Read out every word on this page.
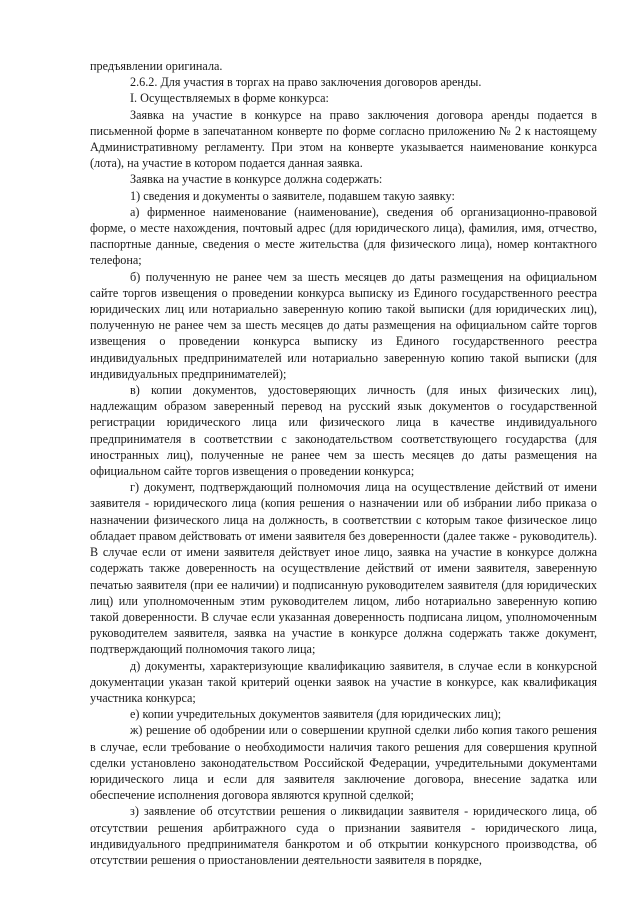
предъявлении оригинала.

2.6.2. Для участия в торгах на право заключения договоров аренды.

I. Осуществляемых в форме конкурса:

Заявка на участие в конкурсе на право заключения договора аренды подается в письменной форме в запечатанном конверте по форме согласно приложению № 2 к настоящему Административному регламенту. При этом на конверте указывается наименование конкурса (лота), на участие в котором подается данная заявка.

Заявка на участие в конкурсе должна содержать:

1) сведения и документы о заявителе, подавшем такую заявку:

а) фирменное наименование (наименование), сведения об организационно-правовой форме, о месте нахождения, почтовый адрес (для юридического лица), фамилия, имя, отчество, паспортные данные, сведения о месте жительства (для физического лица), номер контактного телефона;

б) полученную не ранее чем за шесть месяцев до даты размещения на официальном сайте торгов извещения о проведении конкурса выписку из Единого государственного реестра юридических лиц или нотариально заверенную копию такой выписки (для юридических лиц), полученную не ранее чем за шесть месяцев до даты размещения на официальном сайте торгов извещения о проведении конкурса выписку из Единого государственного реестра индивидуальных предпринимателей или нотариально заверенную копию такой выписки (для индивидуальных предпринимателей);

в) копии документов, удостоверяющих личность (для иных физических лиц), надлежащим образом заверенный перевод на русский язык документов о государственной регистрации юридического лица или физического лица в качестве индивидуального предпринимателя в соответствии с законодательством соответствующего государства (для иностранных лиц), полученные не ранее чем за шесть месяцев до даты размещения на официальном сайте торгов извещения о проведении конкурса;

г) документ, подтверждающий полномочия лица на осуществление действий от имени заявителя - юридического лица (копия решения о назначении или об избрании либо приказа о назначении физического лица на должность, в соответствии с которым такое физическое лицо обладает правом действовать от имени заявителя без доверенности (далее также - руководитель). В случае если от имени заявителя действует иное лицо, заявка на участие в конкурсе должна содержать также доверенность на осуществление действий от имени заявителя, заверенную печатью заявителя (при ее наличии) и подписанную руководителем заявителя (для юридических лиц) или уполномоченным этим руководителем лицом, либо нотариально заверенную копию такой доверенности. В случае если указанная доверенность подписана лицом, уполномоченным руководителем заявителя, заявка на участие в конкурсе должна содержать также документ, подтверждающий полномочия такого лица;

д) документы, характеризующие квалификацию заявителя, в случае если в конкурсной документации указан такой критерий оценки заявок на участие в конкурсе, как квалификация участника конкурса;

е) копии учредительных документов заявителя (для юридических лиц);

ж) решение об одобрении или о совершении крупной сделки либо копия такого решения в случае, если требование о необходимости наличия такого решения для совершения крупной сделки установлено законодательством Российской Федерации, учредительными документами юридического лица и если для заявителя заключение договора, внесение задатка или обеспечение исполнения договора являются крупной сделкой;

з) заявление об отсутствии решения о ликвидации заявителя - юридического лица, об отсутствии решения арбитражного суда о признании заявителя - юридического лица, индивидуального предпринимателя банкротом и об открытии конкурсного производства, об отсутствии решения о приостановлении деятельности заявителя в порядке,
